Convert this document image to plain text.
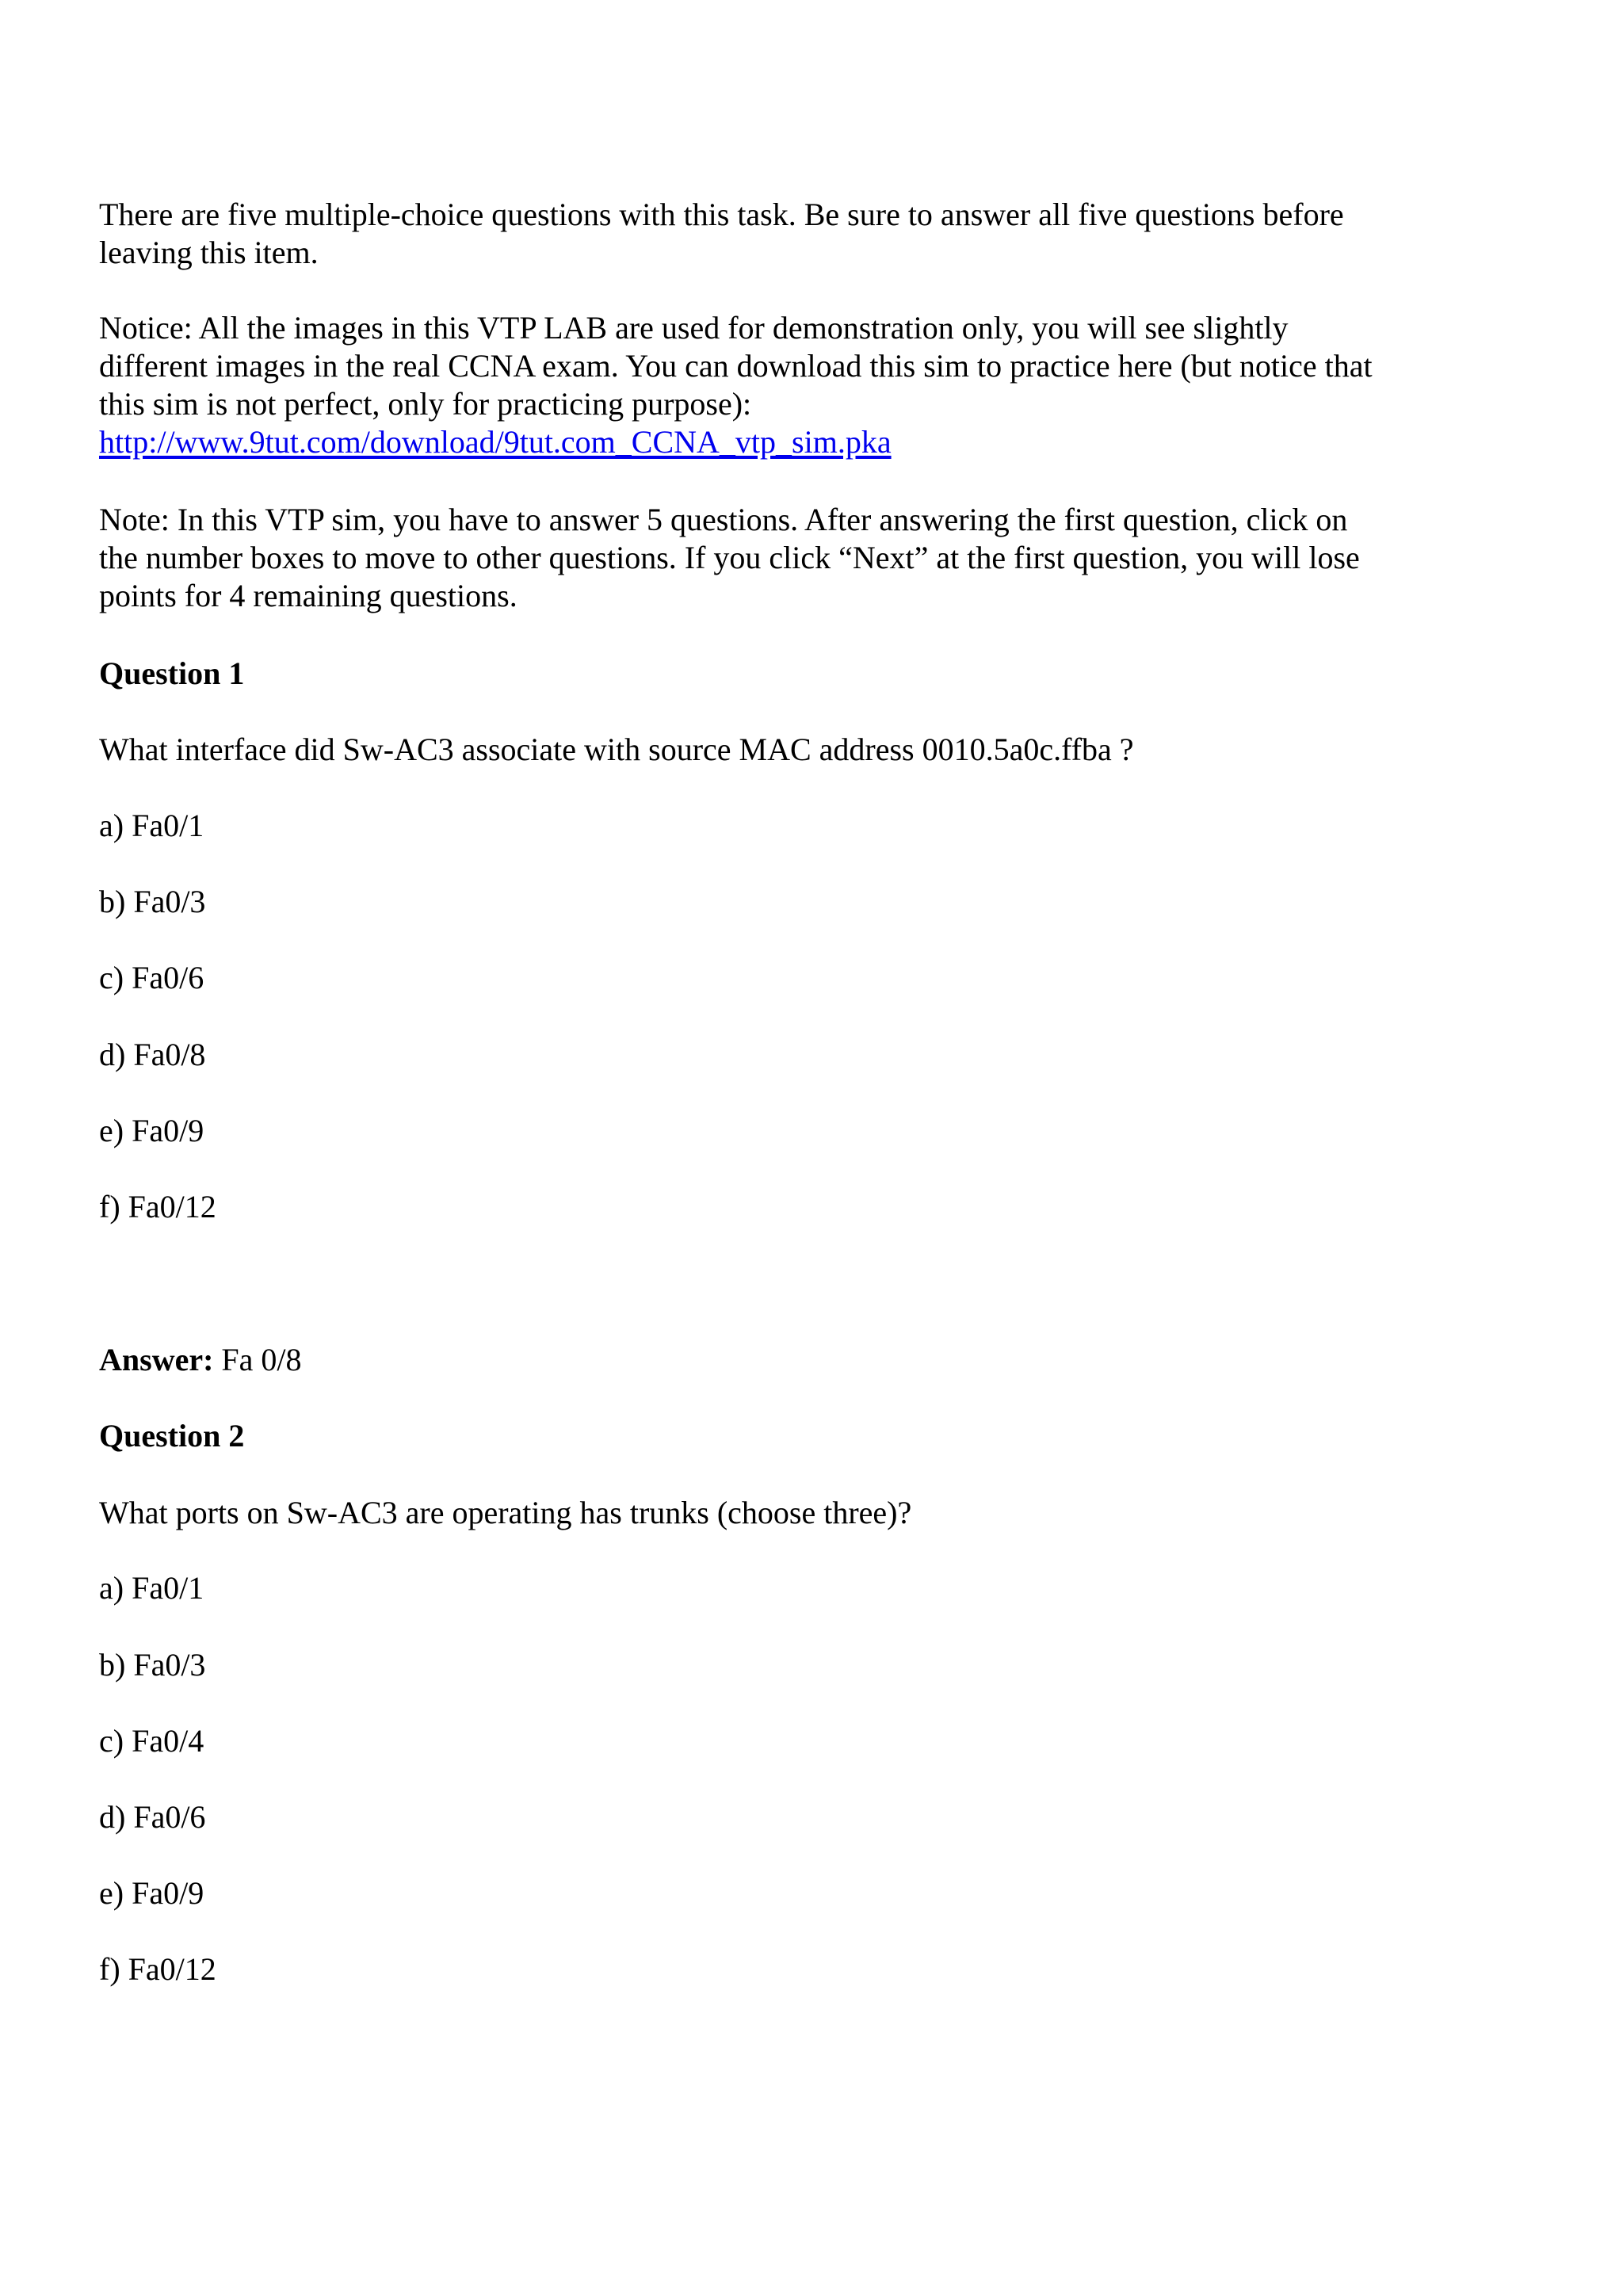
There are five multiple-choice questions with this task. Be sure to answer all five questions before
leaving this item.
Notice: All the images in this VTP LAB are used for demonstration only, you will see slightly
different images in the real CCNA exam. You can download this sim to practice here (but notice that
this sim is not perfect, only for practicing purpose):
http://www.9tut.com/download/9tut.com_CCNA_vtp_sim.pka
Note: In this VTP sim, you have to answer 5 questions. After answering the first question, click on
the number boxes to move to other questions. If you click “Next” at the first question, you will lose
points for 4 remaining questions.
Question 1
What interface did Sw-AC3 associate with source MAC address 0010.5a0c.ffba ?
a) Fa0/1
b) Fa0/3
c) Fa0/6
d) Fa0/8
e) Fa0/9
f) Fa0/12
Answer: Fa 0/8
Question 2
What ports on Sw-AC3 are operating has trunks (choose three)?
a) Fa0/1
b) Fa0/3
c) Fa0/4
d) Fa0/6
e) Fa0/9
f) Fa0/12
